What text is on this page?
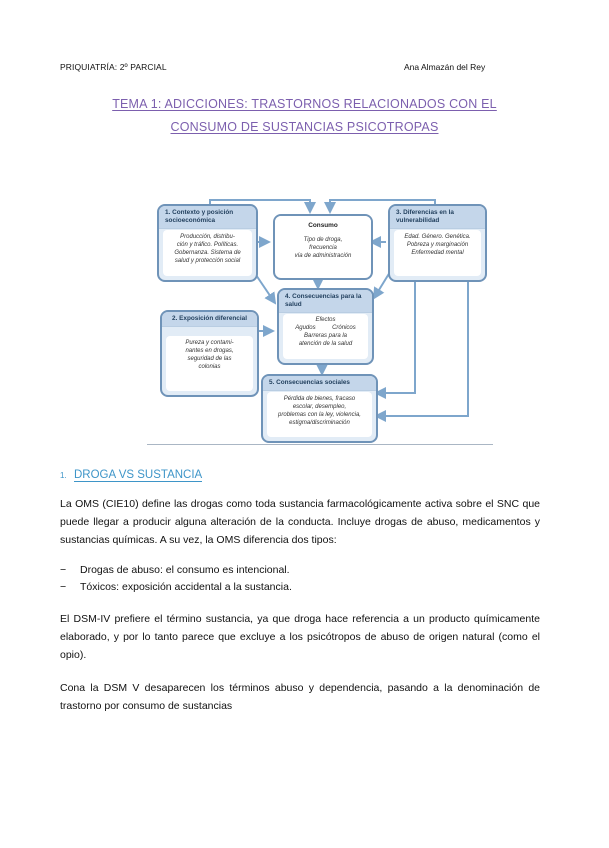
PRIQUIATRÍA: 2º PARCIAL	Ana Almazán del Rey
TEMA 1: ADICCIONES: TRASTORNOS RELACIONADOS CON EL
CONSUMO DE SUSTANCIAS PSICOTROPAS
1. Contexto y posición socioeconómica
Producción, distribu-
ción y tráfico. Políticas.
Gobernanza. Sistema de
salud y protección social
Consumo
Tipo de droga,
frecuencia
vía de administración
3. Diferencias en la vulnerabilidad
Edad. Género. Genética.
Pobreza y marginación
Enfermedad mental
2. Exposición diferencial
Pureza y contami-
nantes en drogas,
seguridad de las
colonias
4. Consecuencias para la salud
Efectos
Agudos	Crónicos
Barreras para la
atención de la salud
5. Consecuencias sociales
Pérdida de bienes, fracaso
escolar, desempleo,
problemas con la ley, violencia,
estigma/discriminación
1. DROGA VS SUSTANCIA
La OMS (CIE10) define las drogas como toda sustancia farmacológicamente activa sobre el SNC que puede llegar a producir alguna alteración de la conducta. Incluye drogas de abuso, medicamentos y sustancias químicas. A su vez, la OMS diferencia dos tipos:
− Drogas de abuso: el consumo es intencional.
− Tóxicos: exposición accidental a la sustancia.
El DSM-IV prefiere el término sustancia, ya que droga hace referencia a un producto químicamente elaborado, y por lo tanto parece que excluye a los psicótropos de abuso de origen natural (como el opio).
Cona la DSM V desaparecen los términos abuso y dependencia, pasando a la denominación de trastorno por consumo de sustancias
